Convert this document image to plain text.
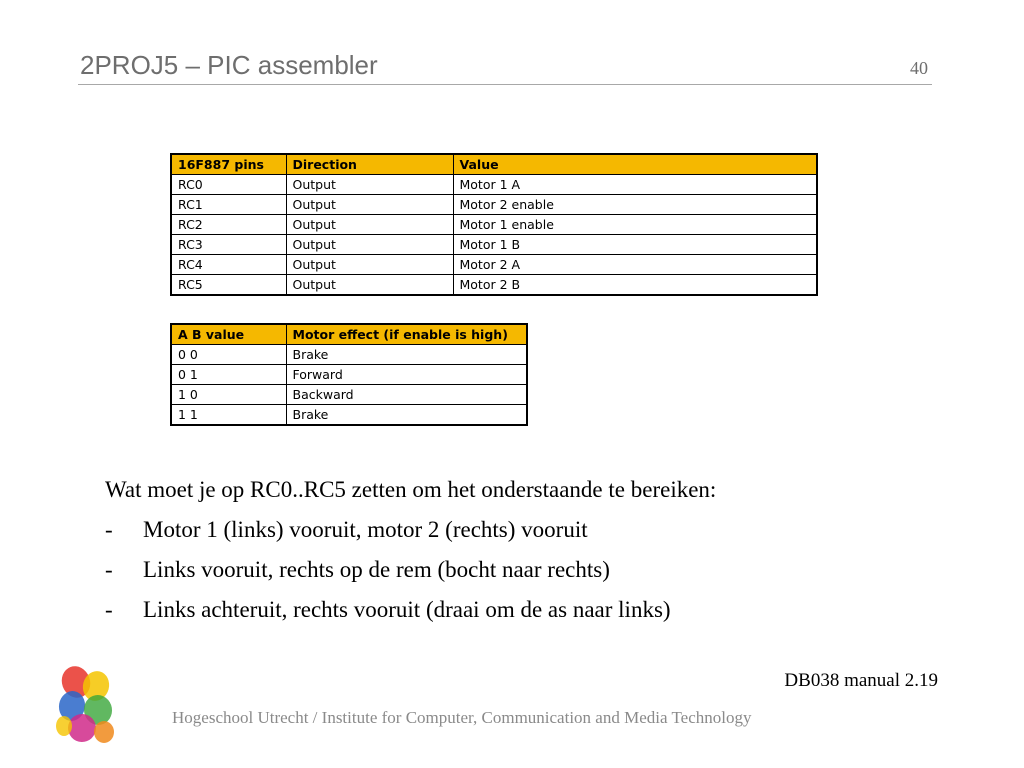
2PROJ5 – PIC assembler	40
16F887 pins	Direction	Value
RC0	Output	Motor 1 A
RC1	Output	Motor 2 enable
RC2	Output	Motor 1 enable
RC3	Output	Motor 1 B
RC4	Output	Motor 2 A
RC5	Output	Motor 2 B
A B value	Motor effect (if enable is high)
0 0	Brake
0 1	Forward
1 0	Backward
1 1	Brake
Wat moet je op RC0..RC5 zetten om het onderstaande te bereiken:
- Motor 1 (links) vooruit, motor 2 (rechts) vooruit
- Links vooruit, rechts op de rem (bocht naar rechts)
- Links achteruit, rechts vooruit (draai om de as naar links)
DB038 manual 2.19
Hogeschool Utrecht / Institute for Computer, Communication and Media Technology
